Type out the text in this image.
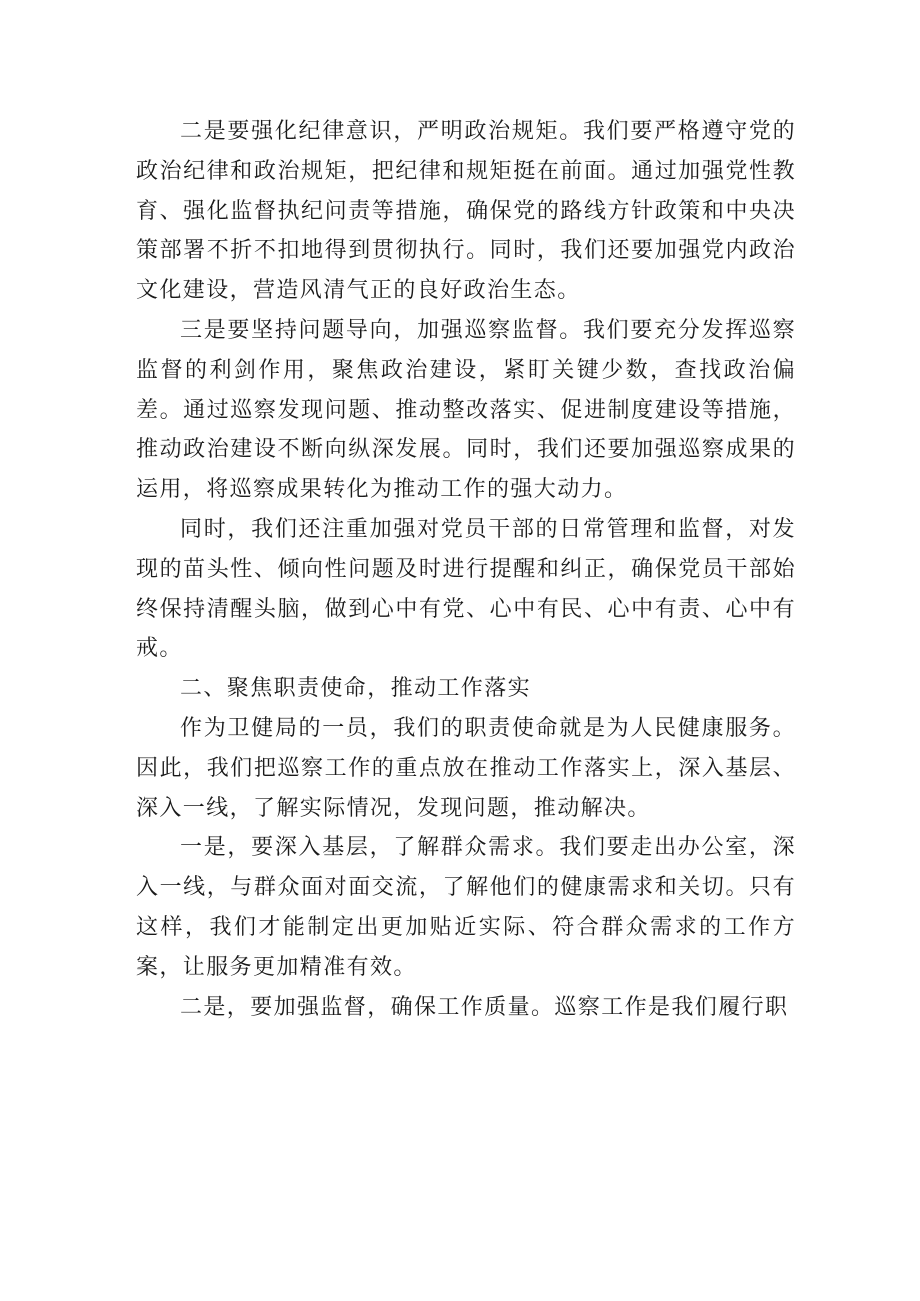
二是要强化纪律意识，严明政治规矩。我们要严格遵守党的政治纪律和政治规矩，把纪律和规矩挺在前面。通过加强党性教育、强化监督执纪问责等措施，确保党的路线方针政策和中央决策部署不折不扣地得到贯彻执行。同时，我们还要加强党内政治文化建设，营造风清气正的良好政治生态。

三是要坚持问题导向，加强巡察监督。我们要充分发挥巡察监督的利剑作用，聚焦政治建设，紧盯关键少数，查找政治偏差。通过巡察发现问题、推动整改落实、促进制度建设等措施，推动政治建设不断向纵深发展。同时，我们还要加强巡察成果的运用，将巡察成果转化为推动工作的强大动力。

同时，我们还注重加强对党员干部的日常管理和监督，对发现的苗头性、倾向性问题及时进行提醒和纠正，确保党员干部始终保持清醒头脑，做到心中有党、心中有民、心中有责、心中有戒。

二、聚焦职责使命，推动工作落实

作为卫健局的一员，我们的职责使命就是为人民健康服务。因此，我们把巡察工作的重点放在推动工作落实上，深入基层、深入一线，了解实际情况，发现问题，推动解决。

一是，要深入基层，了解群众需求。我们要走出办公室，深入一线，与群众面对面交流，了解他们的健康需求和关切。只有这样，我们才能制定出更加贴近实际、符合群众需求的工作方案，让服务更加精准有效。

二是，要加强监督，确保工作质量。巡察工作是我们履行职
